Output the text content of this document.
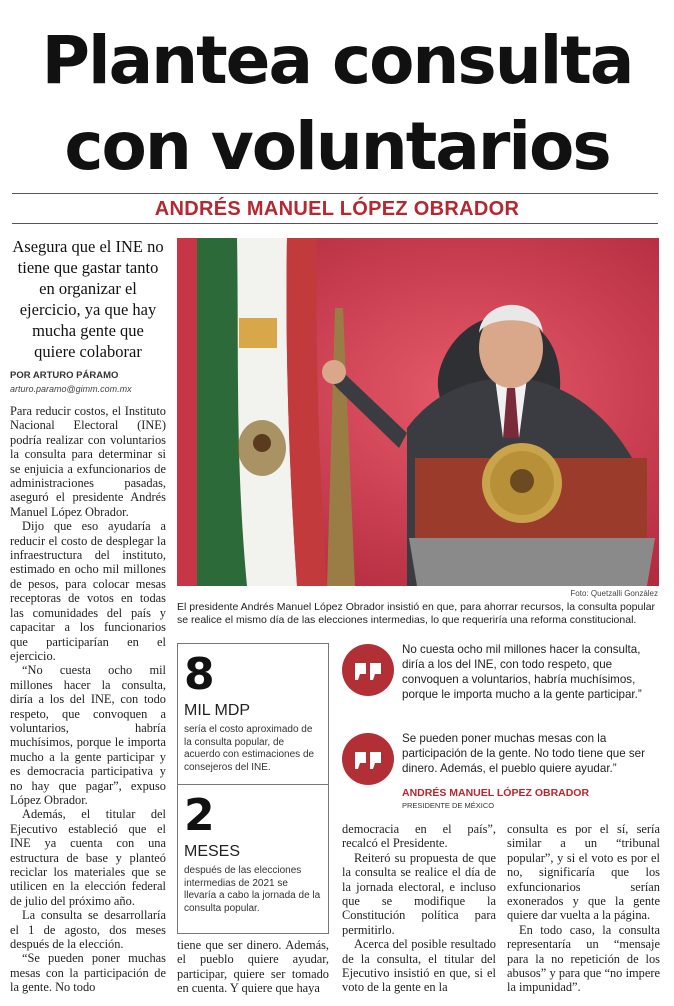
Plantea consulta
con voluntarios
ANDRÉS MANUEL LÓPEZ OBRADOR
Asegura que el INE no tiene que gastar tanto en organizar el ejercicio, ya que hay mucha gente que quiere colaborar
POR ARTURO PÁRAMO
arturo.paramo@gimm.com.mx

Para reducir costos, el Instituto Nacional Electoral (INE) podría realizar con voluntarios la consulta para determinar si se enjuicia a exfuncionarios de administraciones pasadas, aseguró el presidente Andrés Manuel López Obrador.

Dijo que eso ayudaría a reducir el costo de desplegar la infraestructura del instituto, estimado en ocho mil millones de pesos, para colocar mesas receptoras de votos en todas las comunidades del país y capacitar a los funcionarios que participarían en el ejercicio.

“No cuesta ocho mil millones hacer la consulta, diría a los del INE, con todo respeto, que convoquen a voluntarios, habría muchísimos, porque le importa mucho a la gente participar y es democracia participativa y no hay que pagar”, expuso López Obrador.

Además, el titular del Ejecutivo estableció que el INE ya cuenta con una estructura de base y planteó reciclar los materiales que se utilicen en la elección federal de julio del próximo año.

La consulta se desarrollaría el 1 de agosto, dos meses después de la elección.

“Se pueden poner muchas mesas con la participación de la gente. No todo

Foto: Quetzalli González
El presidente Andrés Manuel López Obrador insistió en que, para ahorrar recursos, la consulta popular se realice el mismo día de las elecciones intermedias, lo que requeriría una reforma constitucional.
8
MIL MDP
sería el costo aproximado de la consulta popular, de acuerdo con estimaciones de consejeros del INE.
2
MESES
después de las elecciones intermedias de 2021 se llevaría a cabo la jornada de la consulta popular.

tiene que ser dinero. Además, el pueblo quiere ayudar, participar, quiere ser tomado en cuenta. Y quiere que haya

No cuesta ocho mil millones hacer la consulta, diría a los del INE, con todo respeto, que convoquen a voluntarios, habría muchísimos, porque le importa mucho a la gente participar.”
Se pueden poner muchas mesas con la participación de la gente. No todo tiene que ser dinero. Además, el pueblo quiere ayudar.”
ANDRÉS MANUEL LÓPEZ OBRADOR
PRESIDENTE DE MÉXICO

democracia en el país”, recalcó el Presidente.

Reiteró su propuesta de que la consulta se realice el día de la jornada electoral, e incluso que se modifique la Constitución política para permitirlo.

Acerca del posible resultado de la consulta, el titular del Ejecutivo insistió en que, si el voto de la gente en la

consulta es por el sí, sería similar a un “tribunal popular”, y si el voto es por el no, significaría que los exfuncionarios serían exonerados y que la gente quiere dar vuelta a la página.

En todo caso, la consulta representaría un “mensaje para la no repetición de los abusos” y para que “no impere la impunidad”.
